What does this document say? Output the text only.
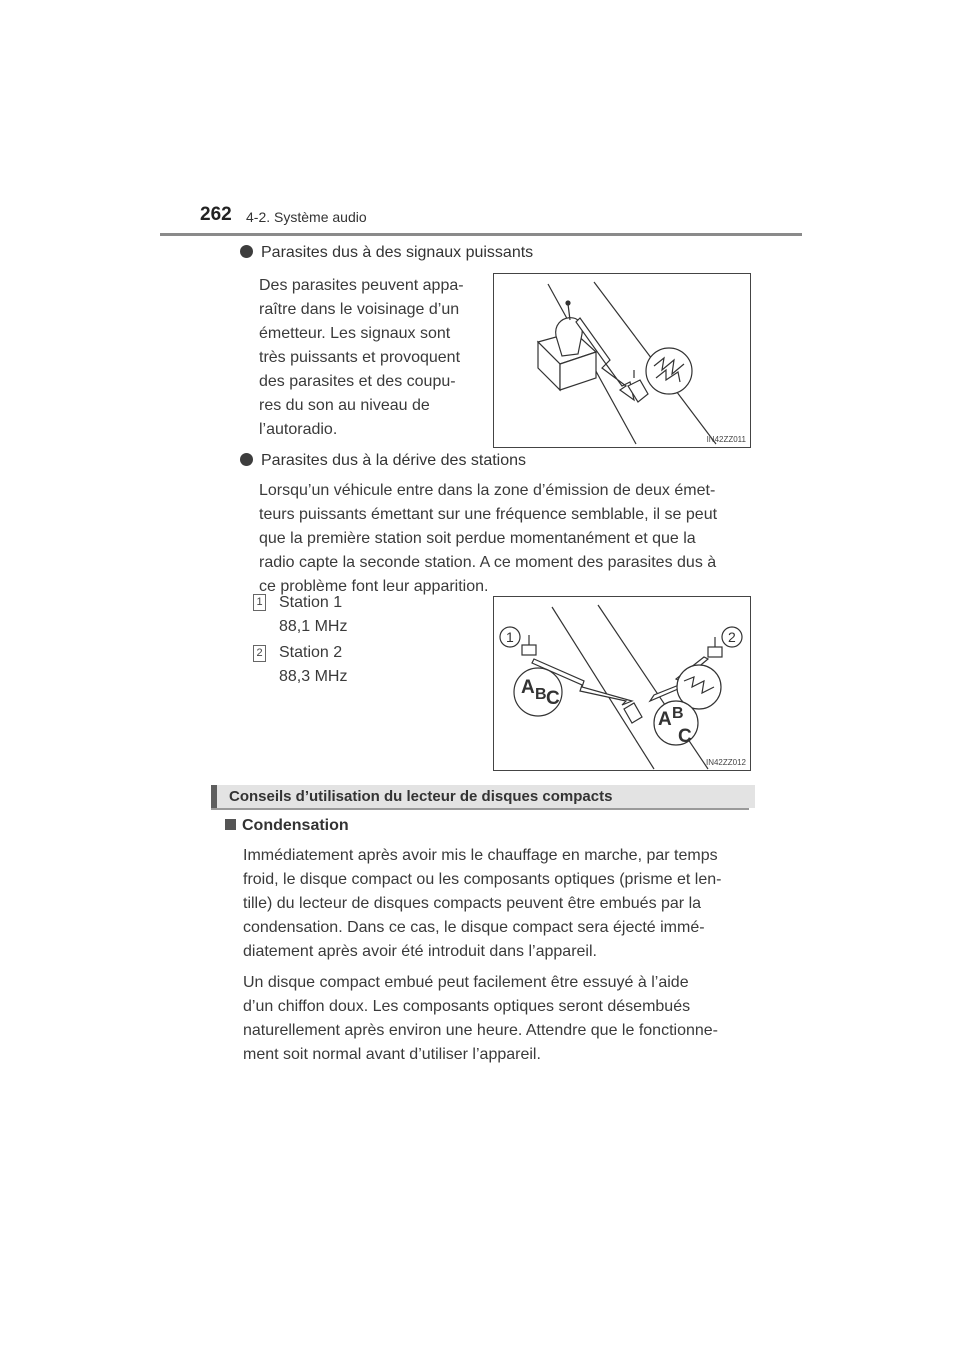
262 4-2. Système audio
Parasites dus à des signaux puissants
Des parasites peuvent appa-
raître dans le voisinage d’un
émetteur. Les signaux sont
très puissants et provoquent
des parasites et des coupu-
res du son au niveau de
l’autoradio.
IN42ZZ011
Parasites dus à la dérive des stations
Lorsqu’un véhicule entre dans la zone d’émission de deux émet-
teurs puissants émettant sur une fréquence semblable, il se peut
que la première station soit perdue momentanément et que la
radio capte la seconde station. A ce moment des parasites dus à
ce problème font leur apparition.
1 Station 1
88,1 MHz
2 Station 2
88,3 MHz
1	2
A B C
A B
C
IN42ZZ012
Conseils d’utilisation du lecteur de disques compacts
Condensation
Immédiatement après avoir mis le chauffage en marche, par temps
froid, le disque compact ou les composants optiques (prisme et len-
tille) du lecteur de disques compacts peuvent être embués par la
condensation. Dans ce cas, le disque compact sera éjecté immé-
diatement après avoir été introduit dans l’appareil.
Un disque compact embué peut facilement être essuyé à l’aide
d’un chiffon doux. Les composants optiques seront désembués
naturellement après environ une heure. Attendre que le fonctionne-
ment soit normal avant d’utiliser l’appareil.
